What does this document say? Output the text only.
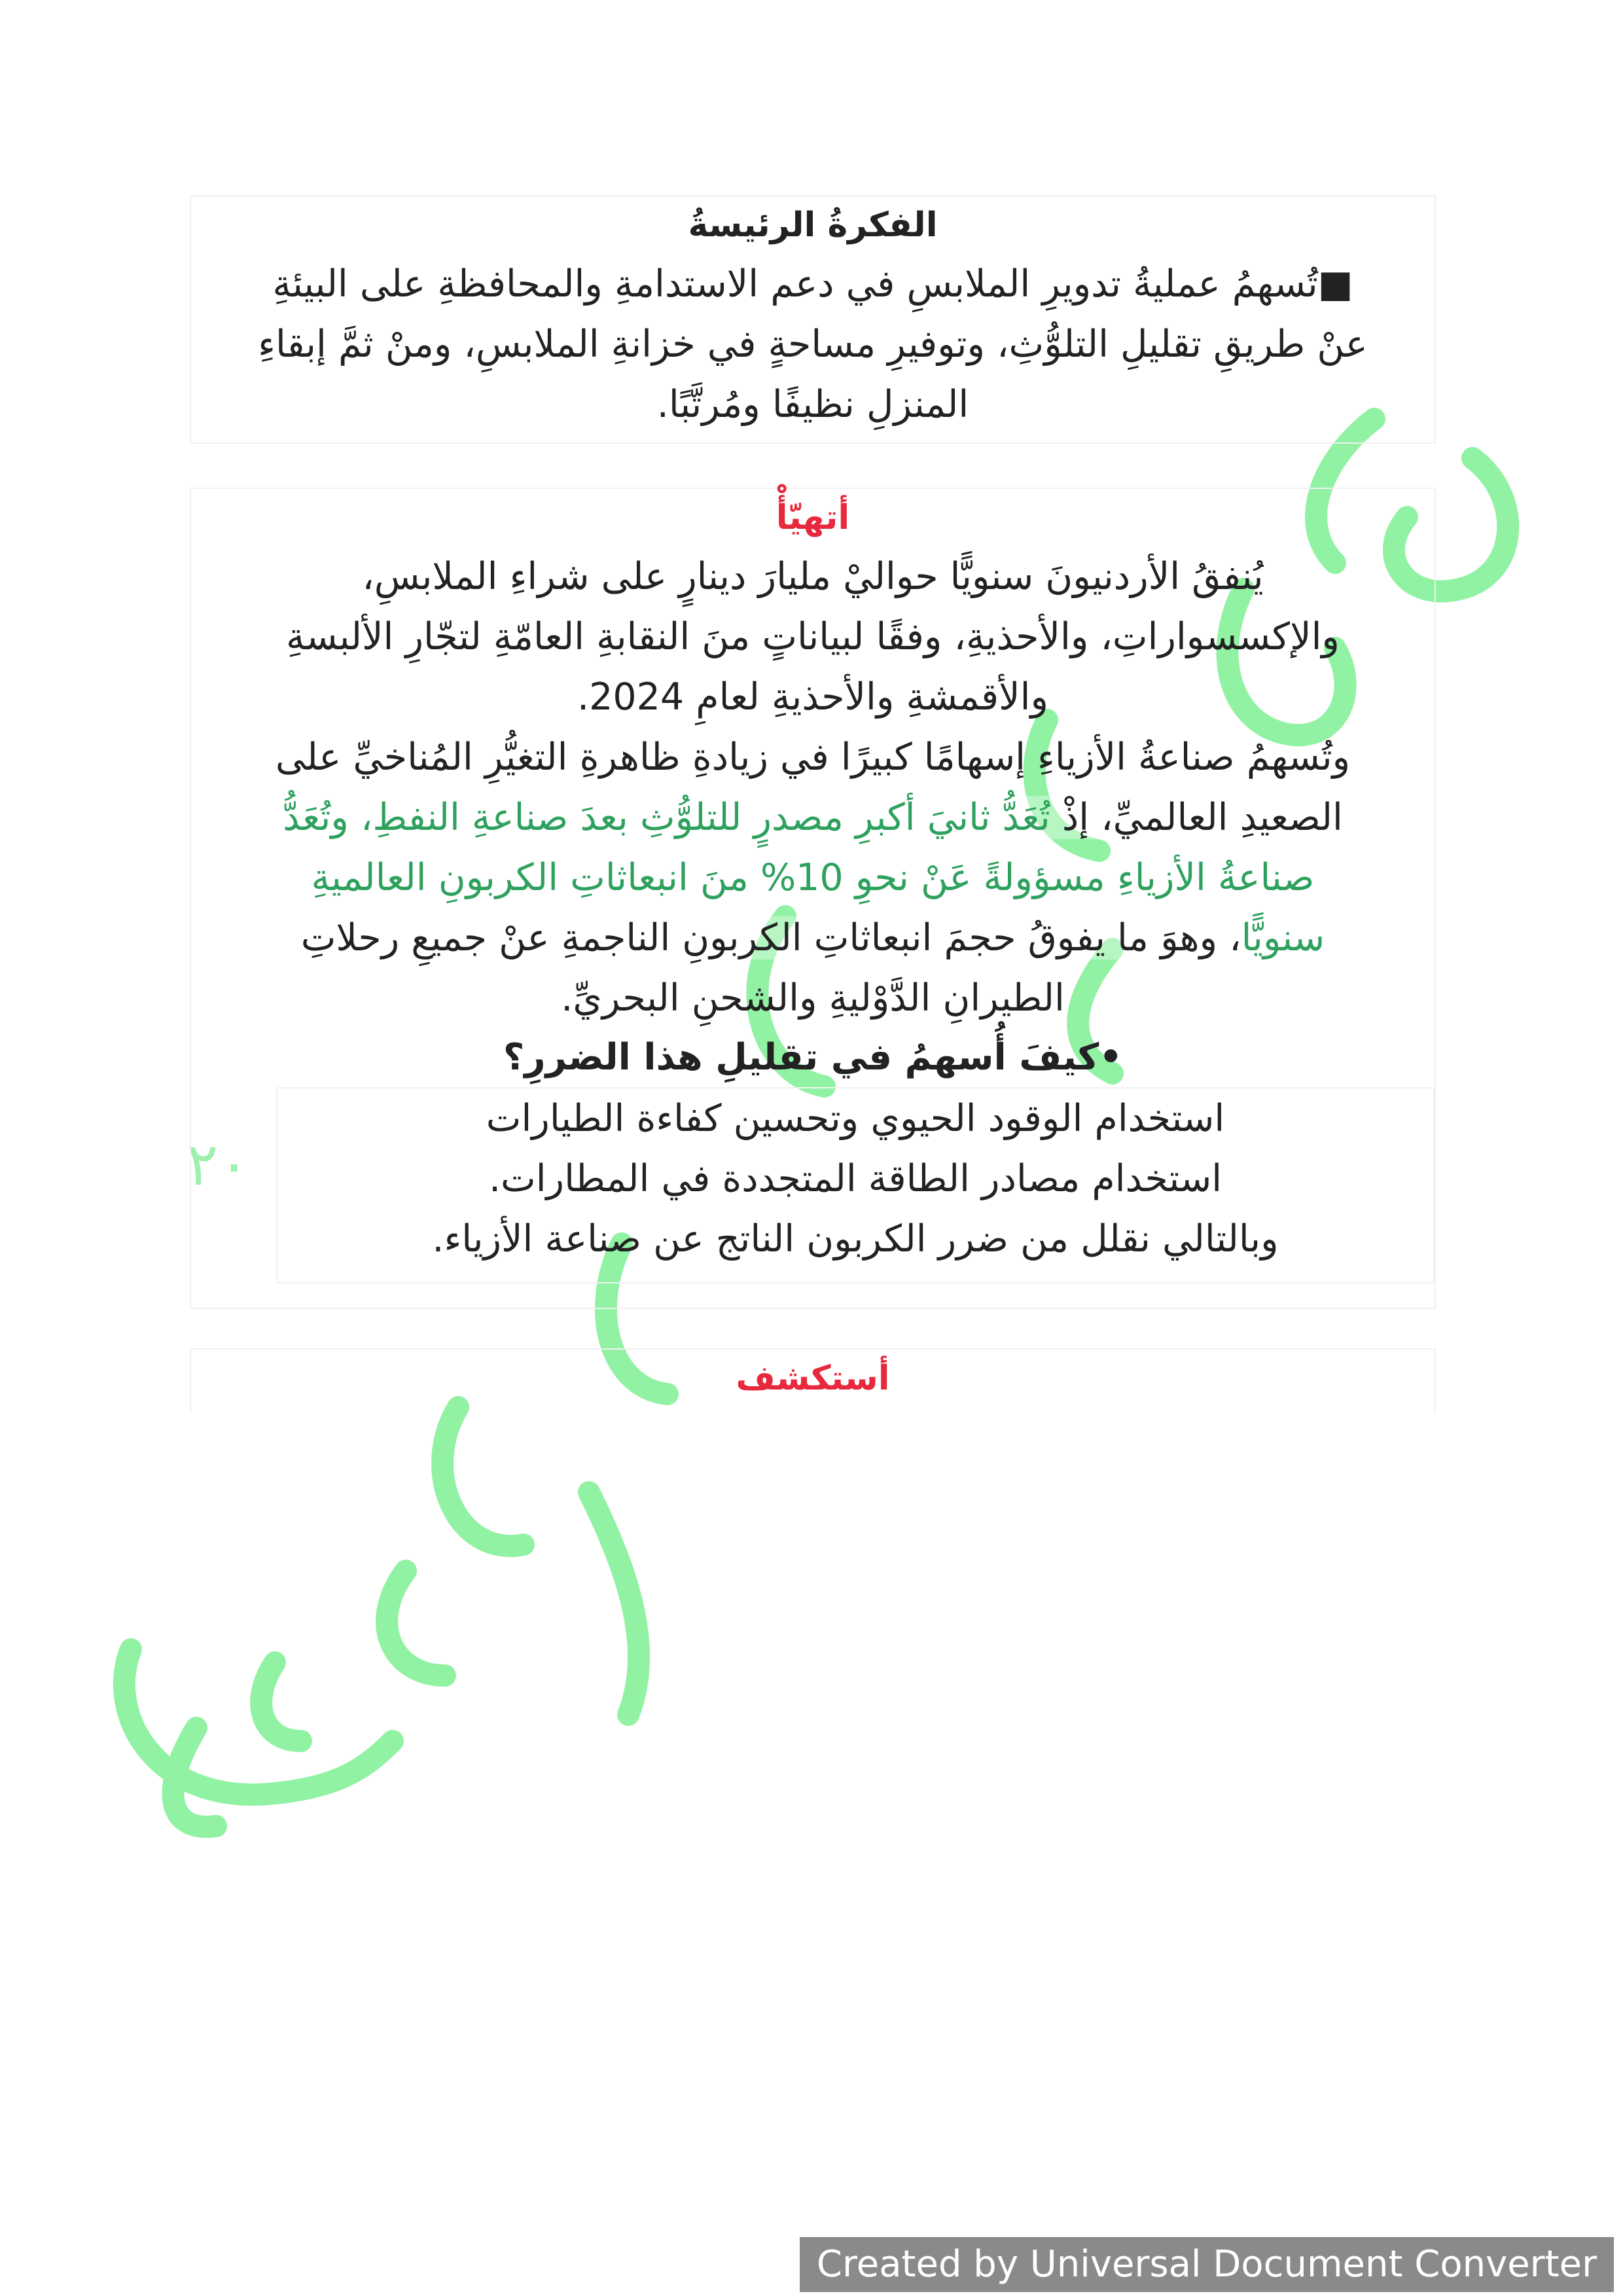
٢٠

الفكرةُ الرئيسةُ

■تُسهمُ عمليةُ تدويرِ الملابسِ في دعم الاستدامةِ والمحافظةِ على البيئةِ

عنْ طريقِ تقليلِ التلوُّثِ، وتوفيرِ مساحةٍ في خزانةِ الملابسِ، ومنْ ثمَّ إبقاءِ

المنزلِ نظيفًا ومُرتَّبًا.

أتهيّأْ

يُنفقُ الأردنيونَ سنويًّا حواليْ مليارَ دينارٍ على شراءِ الملابسِ،

والإكسسواراتِ، والأحذيةِ، وفقًا لبياناتٍ منَ النقابةِ العامّةِ لتجّارِ الألبسةِ

والأقمشةِ والأحذيةِ لعامِ 2024.

وتُسهمُ صناعةُ الأزياءِ إسهامًا كبيرًا في زيادةِ ظاهرةِ التغيُّرِ المُناخيِّ على

الصعيدِ العالميِّ، إذْ تُعَدُّ ثانيَ أكبرِ مصدرٍ للتلوُّثِ بعدَ صناعةِ النفطِ، وتُعَدُّ

صناعةُ الأزياءِ مسؤولةً عَنْ نحوِ 10% منَ انبعاثاتِ الكربونِ العالميةِ

سنويًّا، وهوَ ما يفوقُ حجمَ انبعاثاتِ الكربونِ الناجمةِ عنْ جميعِ رحلاتِ

الطيرانِ الدَّوْليةِ والشحنِ البحريِّ.

•كيفَ أُسهمُ في تقليلِ هذا الضررِ؟

استخدام الوقود الحيوي وتحسين كفاءة الطيارات

استخدام مصادر الطاقة المتجددة في المطارات.

وبالتالي نقلل من ضرر الكربون الناتج عن صناعة الأزياء.

أستكشف

Created by Universal Document Converter
